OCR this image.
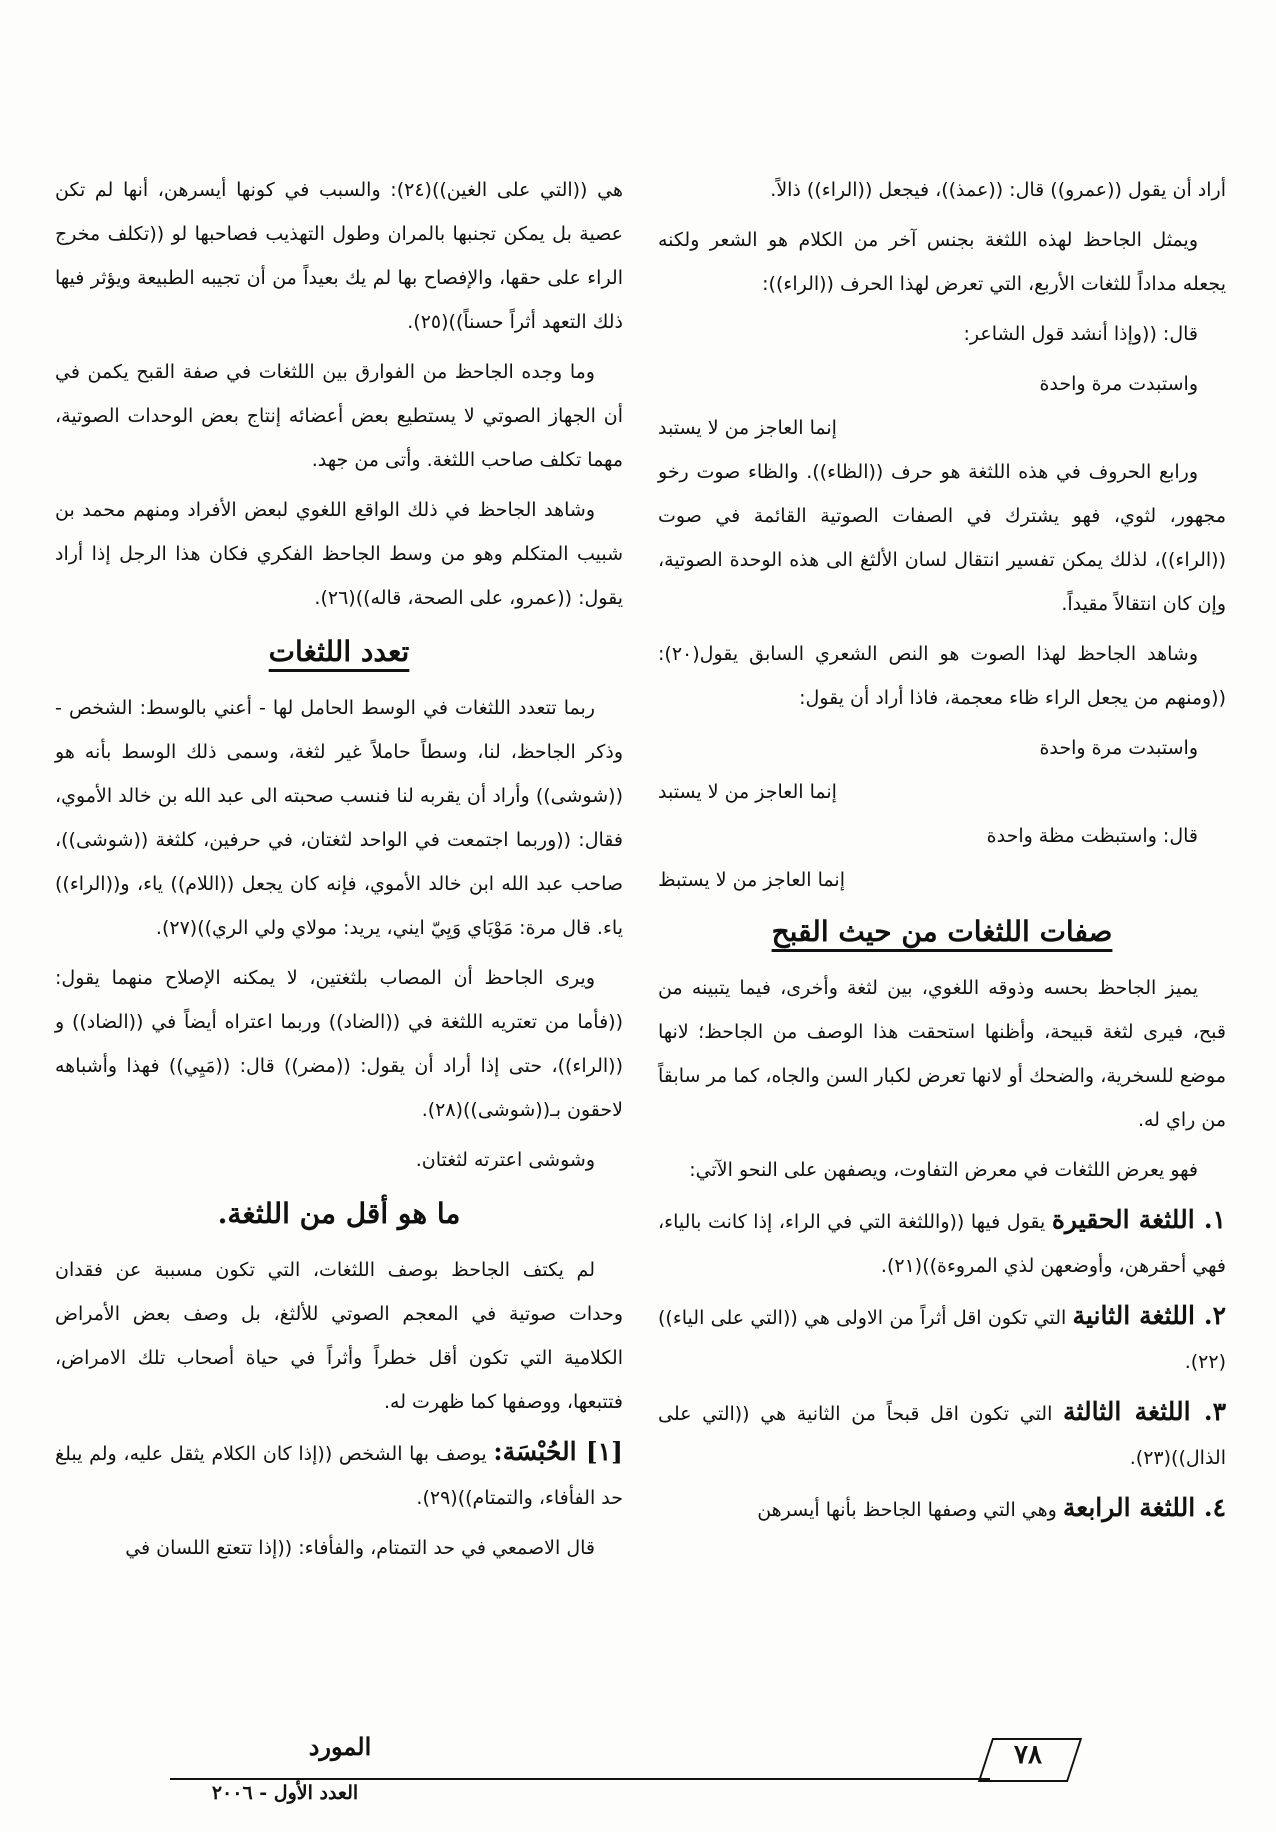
أراد أن يقول ((عمرو)) قال: ((عمذ))، فيجعل ((الراء)) ذالاً.

ويمثل الجاحظ لهذه اللثغة بجنس آخر من الكلام هو الشعر ولكنه يجعله مداداً للثغات الأربع، التي تعرض لهذا الحرف ((الراء)):

قال: ((وإذا أنشد قول الشاعر:

واستبدت مرة واحدة

إنما العاجز من لا يستبد

ورابع الحروف في هذه اللثغة هو حرف ((الظاء)). والظاء صوت رخو مجهور، لثوي، فهو يشترك في الصفات الصوتية القائمة في صوت ((الراء))، لذلك يمكن تفسير انتقال لسان الألثغ الى هذه الوحدة الصوتية، وإن كان انتقالاً مقيداً.

وشاهد الجاحظ لهذا الصوت هو النص الشعري السابق يقول(٢٠): ((ومنهم من يجعل الراء ظاء معجمة، فاذا أراد أن يقول:

واستبدت مرة واحدة

إنما العاجز من لا يستبد

قال: واستبظت مظة واحدة

إنما العاجز من لا يستبظ

صفات اللثغات من حيث القبح

يميز الجاحظ بحسه وذوقه اللغوي، بين لثغة وأخرى، فيما يتبينه من قبح، فيرى لثغة قبيحة، وأظنها استحقت هذا الوصف من الجاحظ؛ لانها موضع للسخرية، والضحك أو لانها تعرض لكبار السن والجاه، كما مر سابقاً من راي له.

فهو يعرض اللثغات في معرض التفاوت، ويصفهن على النحو الآتي:

١. اللثغة الحقيرة يقول فيها ((واللثغة التي في الراء، إذا كانت بالياء، فهي أحقرهن، وأوضعهن لذي المروءة))(٢١).

٢. اللثغة الثانية التي تكون اقل أثراً من الاولى هي ((التي على الياء))(٢٢).

٣. اللثغة الثالثة التي تكون اقل قبحاً من الثانية هي ((التي على الذال))(٢٣).

٤. اللثغة الرابعة وهي التي وصفها الجاحظ بأنها أيسرهن

هي ((التي على الغين))(٢٤): والسبب في كونها أيسرهن، أنها لم تكن عصية بل يمكن تجنبها بالمران وطول التهذيب فصاحبها لو ((تكلف مخرج الراء على حقها، والإفصاح بها لم يك بعيداً من أن تجيبه الطبيعة ويؤثر فيها ذلك التعهد أثراً حسناً))(٢٥).

وما وجده الجاحظ من الفوارق بين اللثغات في صفة القبح يكمن في أن الجهاز الصوتي لا يستطيع بعض أعضائه إنتاج بعض الوحدات الصوتية، مهما تكلف صاحب اللثغة. وأتى من جهد.

وشاهد الجاحظ في ذلك الواقع اللغوي لبعض الأفراد ومنهم محمد بن شبيب المتكلم وهو من وسط الجاحظ الفكري فكان هذا الرجل إذا أراد يقول: ((عمرو، على الصحة، قاله))(٢٦).

تعدد اللثغات

ربما تتعدد اللثغات في الوسط الحامل لها - أعني بالوسط: الشخص - وذكر الجاحظ، لنا، وسطاً حاملاً غير لثغة، وسمى ذلك الوسط بأنه هو ((شوشى)) وأراد أن يقربه لنا فنسب صحبته الى عبد الله بن خالد الأموي، فقال: ((وربما اجتمعت في الواحد لثغتان، في حرفين، كلثغة ((شوشى))، صاحب عبد الله ابن خالد الأموي، فإنه كان يجعل ((اللام)) ياء، و((الراء)) ياء. قال مرة: مَوْيَاي وَيِيّ ايني، يريد: مولاي ولي الري))(٢٧).

ويرى الجاحظ أن المصاب بلثغتين، لا يمكنه الإصلاح منهما يقول: ((فأما من تعتريه اللثغة في ((الضاد)) وربما اعتراه أيضاً في ((الضاد)) و ((الراء))، حتى إذا أراد أن يقول: ((مضر)) قال: ((مَيِي)) فهذا وأشباهه لاحقون بـ((شوشى))(٢٨).

وشوشى اعترته لثغتان.

ما هو أقل من اللثغة.

لم يكتف الجاحظ بوصف اللثغات، التي تكون مسببة عن فقدان وحدات صوتية في المعجم الصوتي للألثغ، بل وصف بعض الأمراض الكلامية التي تكون أقل خطراً وأثراً في حياة أصحاب تلك الامراض، فتتبعها، ووصفها كما ظهرت له.

[١] الحُبْسَة: يوصف بها الشخص ((إذا كان الكلام يثقل عليه، ولم يبلغ حد الفأفاء، والتمتام))(٢٩).

قال الاصمعي في حد التمتام، والفأفاء: ((إذا تتعتع اللسان في

٧٨
المورد
العدد الأول - ٢٠٠٦
